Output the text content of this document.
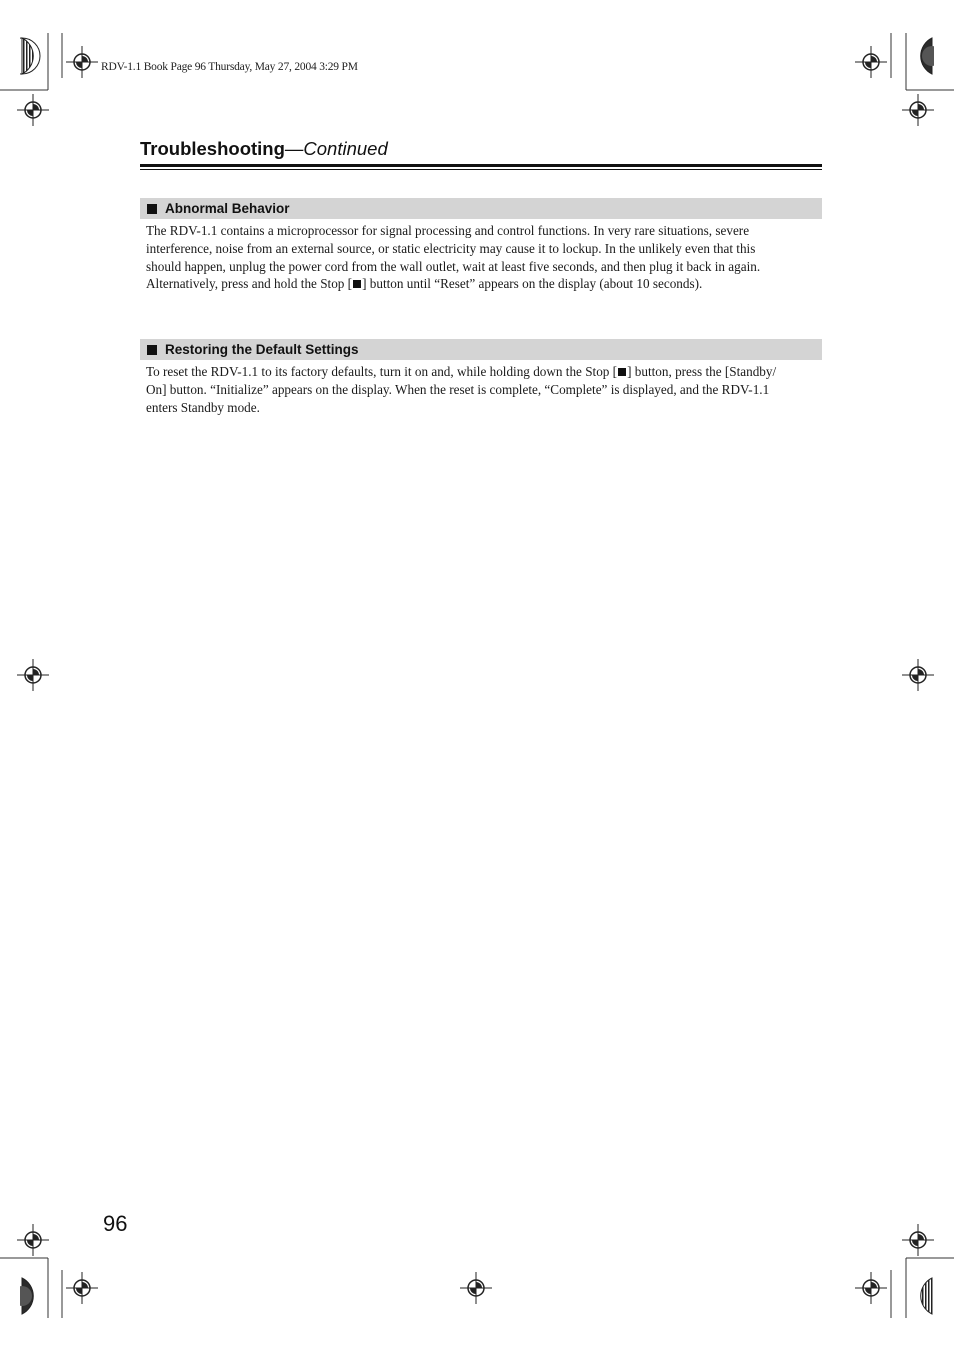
RDV-1.1 Book Page 96 Thursday, May 27, 2004 3:29 PM
Troubleshooting—Continued
Abnormal Behavior
The RDV-1.1 contains a microprocessor for signal processing and control functions. In very rare situations, severe
interference, noise from an external source, or static electricity may cause it to lockup. In the unlikely even that this
should happen, unplug the power cord from the wall outlet, wait at least five seconds, and then plug it back in again.
Alternatively, press and hold the Stop [ ] button until “Reset” appears on the display (about 10 seconds).
Restoring the Default Settings
To reset the RDV-1.1 to its factory defaults, turn it on and, while holding down the Stop [ ] button, press the [Standby/
On] button. “Initialize” appears on the display. When the reset is complete, “Complete” is displayed, and the RDV-1.1
enters Standby mode.
96
